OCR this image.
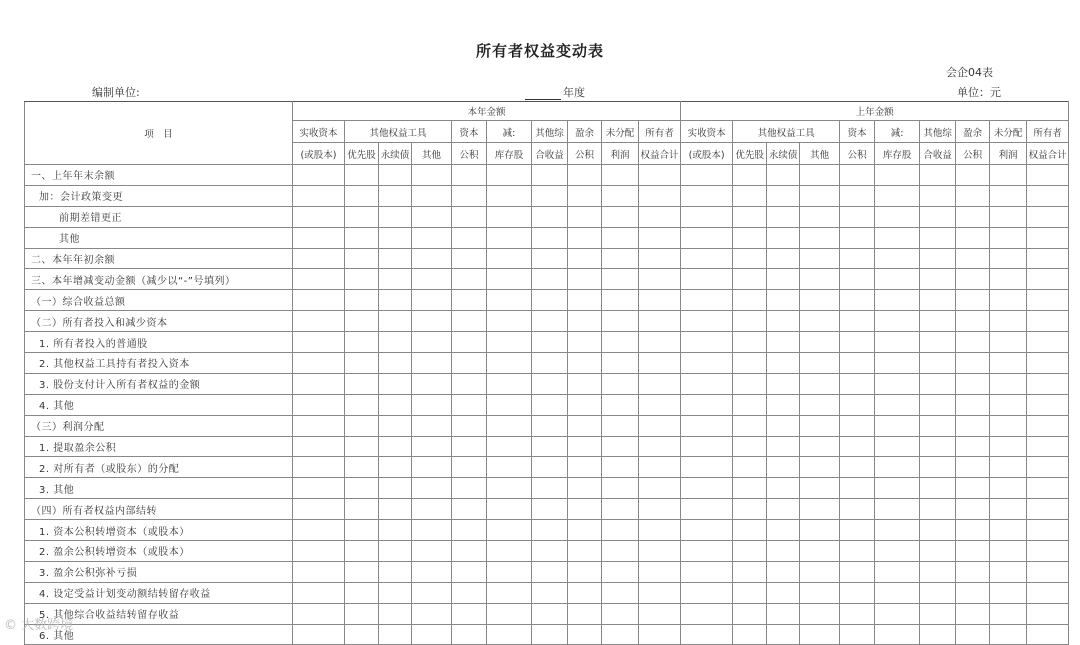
所有者权益变动表
会企04表
编制单位:	年度	单位：元
项　目	本年金额										上年金额									
	实收资本	其他权益工具			资本	减:	其他综	盈余	未分配	所有者	实收资本	其他权益工具			资本	减:	其他综	盈余	未分配	所有者
	(或股本)	优先股	永续债	其他	公积	库存股	合收益	公积	利润	权益合计	(或股本)	优先股	永续债	其他	公积	库存股	合收益	公积	利润	权益合计
一、上年年末余额																				
加：会计政策变更																				
前期差错更正																				
其他																				
二、本年年初余额																				
三、本年增减变动金额（减少以“-”号填列）																				
（一）综合收益总额																				
（二）所有者投入和减少资本																				
1. 所有者投入的普通股																				
2. 其他权益工具持有者投入资本																				
3. 股份支付计入所有者权益的金额																				
4. 其他																				
（三）利润分配																				
1. 提取盈余公积																				
2. 对所有者（或股东）的分配																				
3. 其他																				
（四）所有者权益内部结转																				
1. 资本公积转增资本（或股本）																				
2. 盈余公积转增资本（或股本）																				
3. 盈余公积弥补亏损																				
4. 设定受益计划变动额结转留存收益																				
5. 其他综合收益结转留存收益																				
6. 其他																				
© 大数跨境
